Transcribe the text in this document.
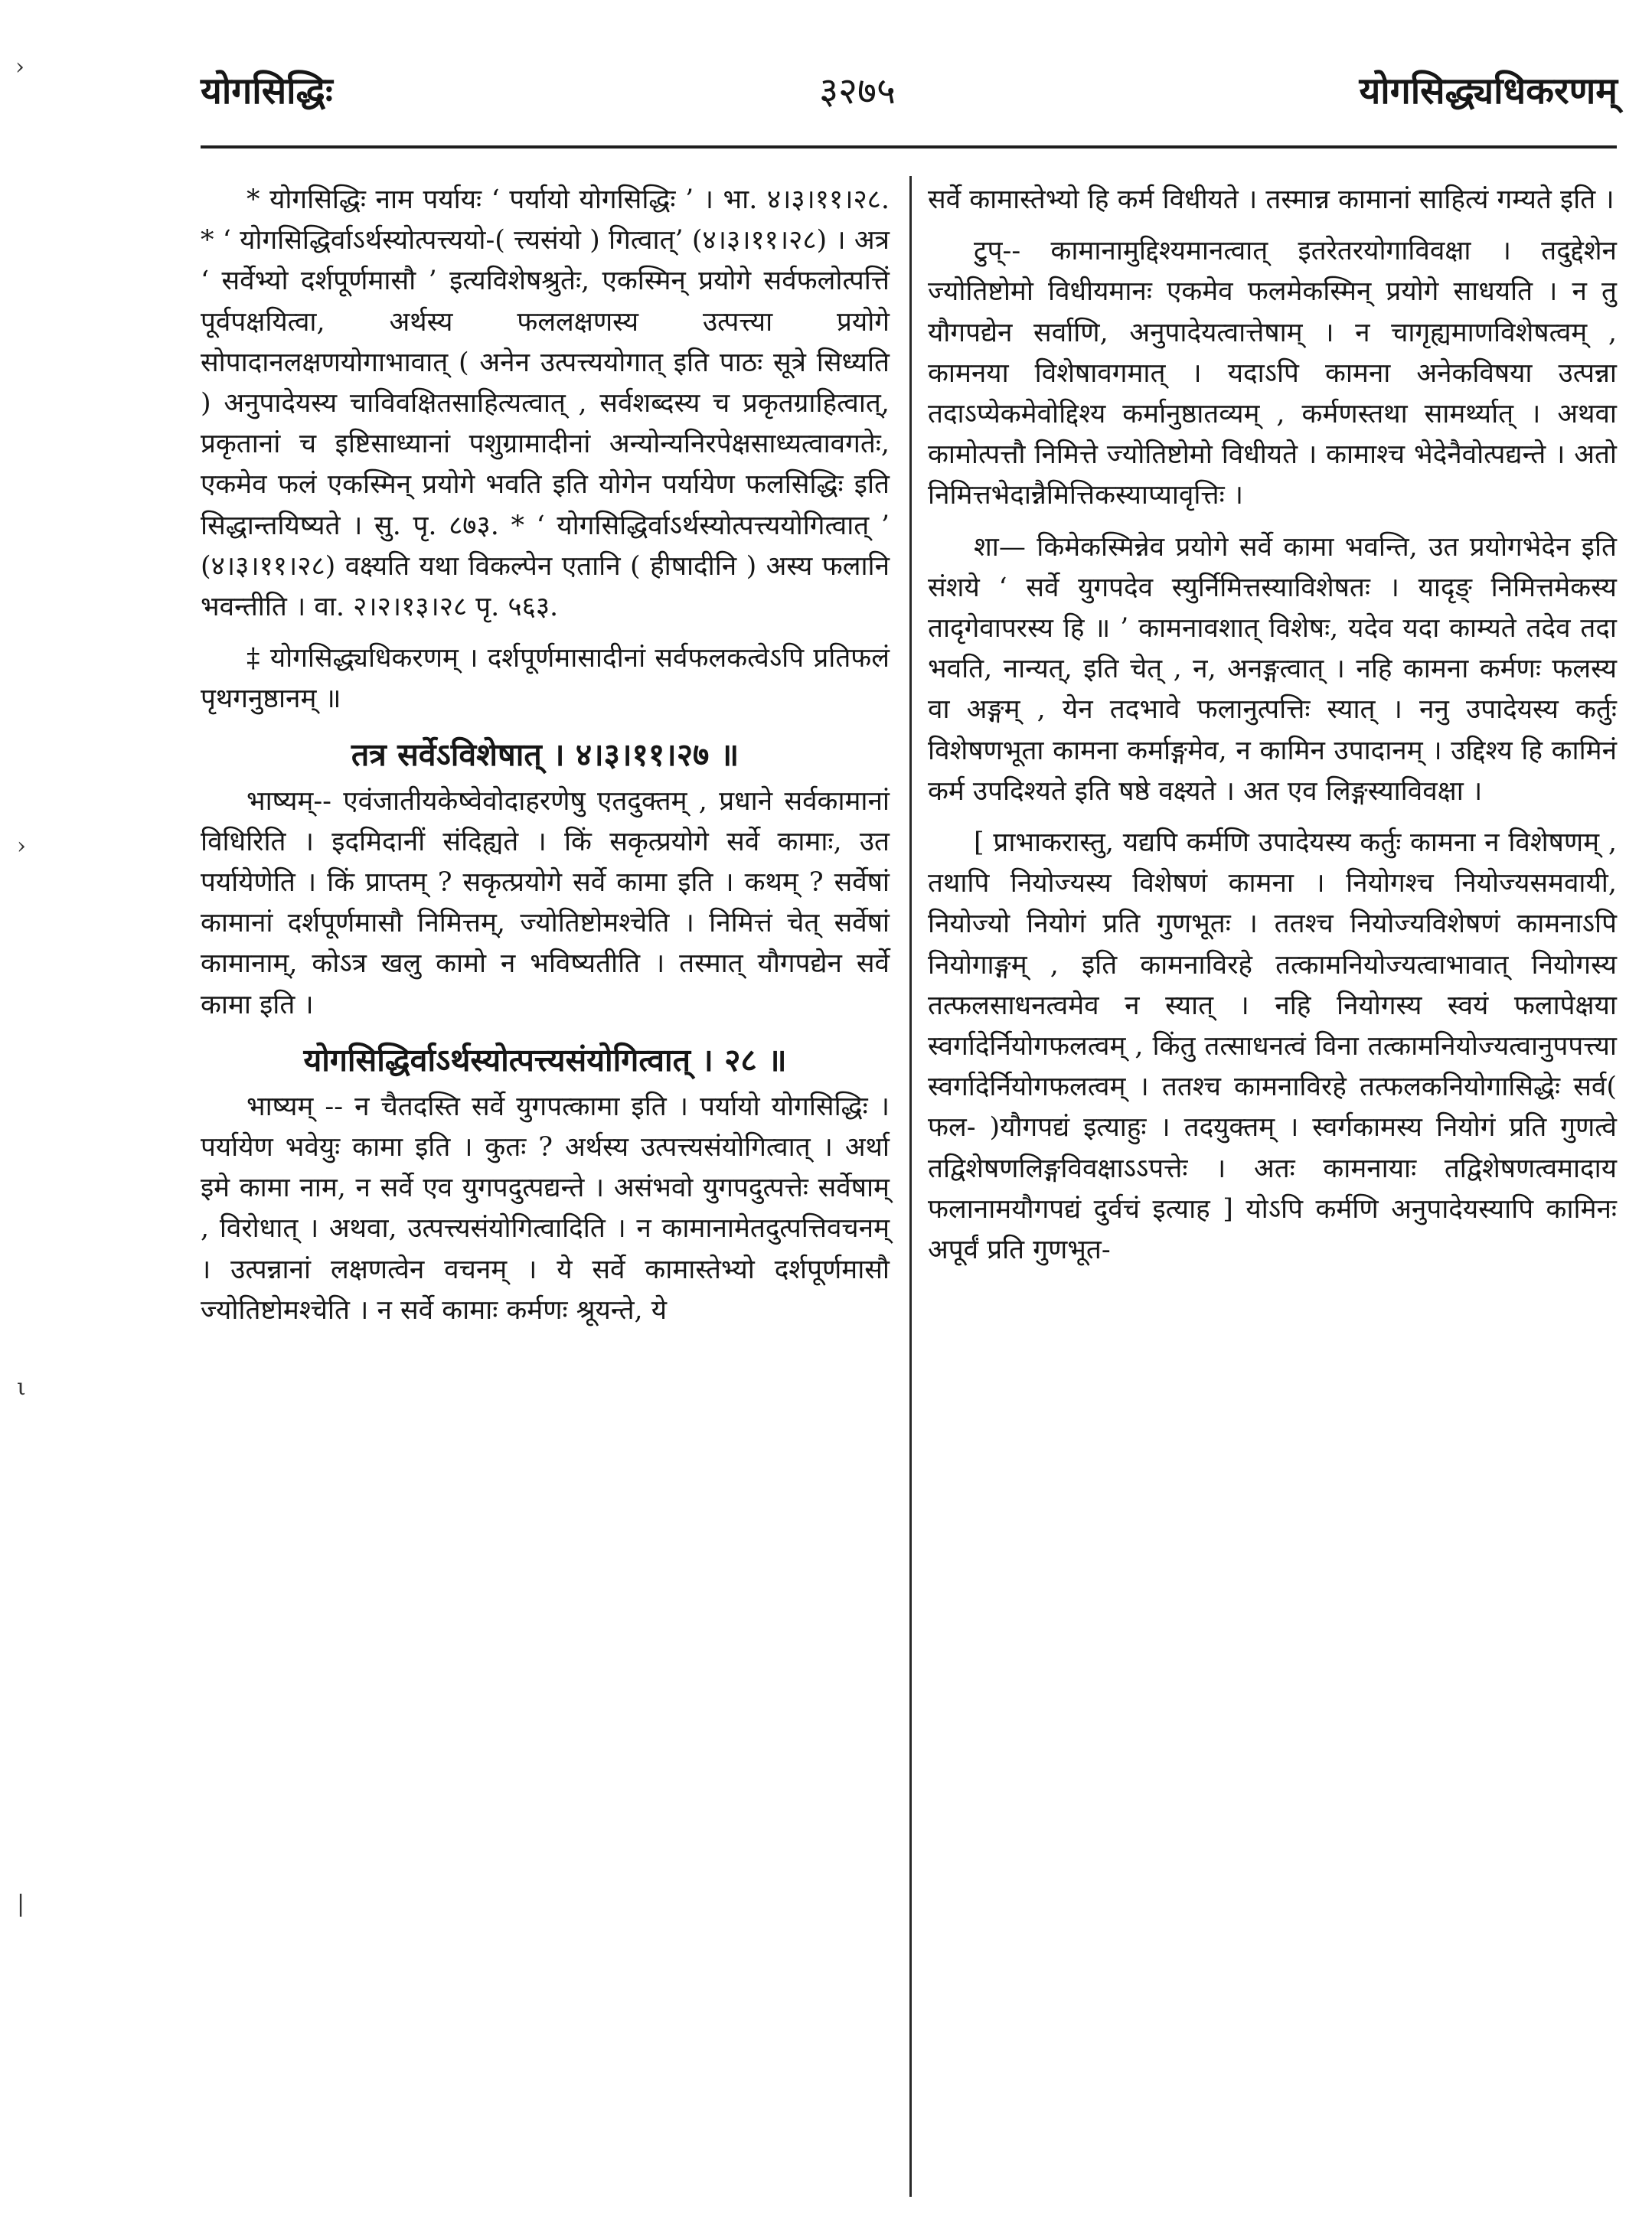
›
›
ι
|
योगसिद्धिः	३२७५	योगसिद्ध्यधिकरणम्

* योगसिद्धिः नाम पर्यायः ‘ पर्यायो योगसिद्धिः ’ । भा. ४।३।११।२८. * ‘ योगसिद्धिर्वाऽर्थस्योत्पत्त्ययो-( त्त्यसंयो ) गित्वात्’ (४।३।११।२८) । अत्र ‘ सर्वेभ्यो दर्शपूर्णमासौ ’ इत्यविशेषश्रुतेः, एकस्मिन् प्रयोगे सर्वफलोत्पत्तिं पूर्वपक्षयित्वा, अर्थस्य फललक्षणस्य उत्पत्त्या प्रयोगे सोपादानलक्षणयोगाभावात् ( अनेन उत्पत्त्ययोगात् इति पाठः सूत्रे सिध्यति ) अनुपादेयस्य चाविवक्षितसाहित्यत्वात् , सर्वशब्दस्य च प्रकृतग्राहित्वात्, प्रकृतानां च इष्टिसाध्यानां पशुग्रामादीनां अन्योन्यनिरपेक्षसाध्यत्वावगतेः, एकमेव फलं एकस्मिन् प्रयोगे भवति इति योगेन पर्यायेण फलसिद्धिः इति सिद्धान्तयिष्यते । सु. पृ. ८७३. * ‘ योगसिद्धिर्वाऽर्थस्योत्पत्त्ययोगित्वात् ’ (४।३।११।२८) वक्ष्यति यथा विकल्पेन एतानि ( हीषादीनि ) अस्य फलानि भवन्तीति । वा. २।२।१३।२८ पृ. ५६३.

‡ योगसिद्ध्यधिकरणम् । दर्शपूर्णमासादीनां सर्वफलकत्वेऽपि प्रतिफलं पृथगनुष्ठानम् ॥

तत्र सर्वेऽविशेषात् । ४।३।११।२७ ॥

भाष्यम्-- एवंजातीयकेष्वेवोदाहरणेषु एतदुक्तम् , प्रधाने सर्वकामानां विधिरिति । इदमिदानीं संदिह्यते । किं सकृत्प्रयोगे सर्वे कामाः, उत पर्यायेणेति । किं प्राप्तम् ? सकृत्प्रयोगे सर्वे कामा इति । कथम् ? सर्वेषां कामानां दर्शपूर्णमासौ निमित्तम्, ज्योतिष्टोमश्चेति । निमित्तं चेत् सर्वेषां कामानाम्, कोऽत्र खलु कामो न भविष्यतीति । तस्मात् यौगपद्येन सर्वे कामा इति ।

योगसिद्धिर्वाऽर्थस्योत्पत्त्यसंयोगित्वात् । २८ ॥

भाष्यम् -- न चैतदस्ति सर्वे युगपत्कामा इति । पर्यायो योगसिद्धिः । पर्यायेण भवेयुः कामा इति । कुतः ? अर्थस्य उत्पत्त्यसंयोगित्वात् । अर्था इमे कामा नाम, न सर्वे एव युगपदुत्पद्यन्ते । असंभवो युगपदुत्पत्तेः सर्वेषाम् , विरोधात् । अथवा, उत्पत्त्यसंयोगित्वादिति । न कामानामेतदुत्पत्तिवचनम् । उत्पन्नानां लक्षणत्वेन वचनम् । ये सर्वे कामास्तेभ्यो दर्शपूर्णमासौ ज्योतिष्टोमश्चेति । न सर्वे कामाः कर्मणः श्रूयन्ते, ये

सर्वे कामास्तेभ्यो हि कर्म विधीयते । तस्मान्न कामानां साहित्यं गम्यते इति ।

टुप्-- कामानामुद्दिश्यमानत्वात् इतरेतरयोगाविवक्षा । तदुद्देशेन ज्योतिष्टोमो विधीयमानः एकमेव फलमेकस्मिन् प्रयोगे साधयति । न तु यौगपद्येन सर्वाणि, अनुपादेयत्वात्तेषाम् । न चागृह्यमाणविशेषत्वम् , कामनया विशेषावगमात् । यदाऽपि कामना अनेकविषया उत्पन्ना तदाऽप्येकमेवोद्दिश्य कर्मानुष्ठातव्यम् , कर्मणस्तथा सामर्थ्यात् । अथवा कामोत्पत्तौ निमित्ते ज्योतिष्टोमो विधीयते । कामाश्च भेदेनैवोत्पद्यन्ते । अतो निमित्तभेदान्नैमित्तिकस्याप्यावृत्तिः ।

शा— किमेकस्मिन्नेव प्रयोगे सर्वे कामा भवन्ति, उत प्रयोगभेदेन इति संशये ‘ सर्वे युगपदेव स्युर्निमित्तस्याविशेषतः । यादृङ् निमित्तमेकस्य तादृगेवापरस्य हि ॥ ’ कामनावशात् विशेषः, यदेव यदा काम्यते तदेव तदा भवति, नान्यत्, इति चेत् , न, अनङ्गत्वात् । नहि कामना कर्मणः फलस्य वा अङ्गम् , येन तदभावे फलानुत्पत्तिः स्यात् । ननु उपादेयस्य कर्तुः विशेषणभूता कामना कर्माङ्गमेव, न कामिन उपादानम् । उद्दिश्य हि कामिनं कर्म उपदिश्यते इति षष्ठे वक्ष्यते । अत एव लिङ्गस्याविवक्षा ।

[ प्राभाकरास्तु, यद्यपि कर्मणि उपादेयस्य कर्तुः कामना न विशेषणम् , तथापि नियोज्यस्य विशेषणं कामना । नियोगश्च नियोज्यसमवायी, नियोज्यो नियोगं प्रति गुणभूतः । ततश्च नियोज्यविशेषणं कामनाऽपि नियोगाङ्गम् , इति कामनाविरहे तत्कामनियोज्यत्वाभावात् नियोगस्य तत्फलसाधनत्वमेव न स्यात् । नहि नियोगस्य स्वयं फलापेक्षया स्वर्गादेर्नियोगफलत्वम् , किंतु तत्साधनत्वं विना तत्कामनियोज्यत्वानुपपत्त्या स्वर्गादेर्नियोगफलत्वम् । ततश्च कामनाविरहे तत्फलकनियोगासिद्धेः सर्व( फल- )यौगपद्यं इत्याहुः । तदयुक्तम् । स्वर्गकामस्य नियोगं प्रति गुणत्वे तद्विशेषणलिङ्गविवक्षाऽऽपत्तेः । अतः कामनायाः तद्विशेषणत्वमादाय फलानामयौगपद्यं दुर्वचं इत्याह ] योऽपि कर्मणि अनुपादेयस्यापि कामिनः अपूर्वं प्रति गुणभूत-
